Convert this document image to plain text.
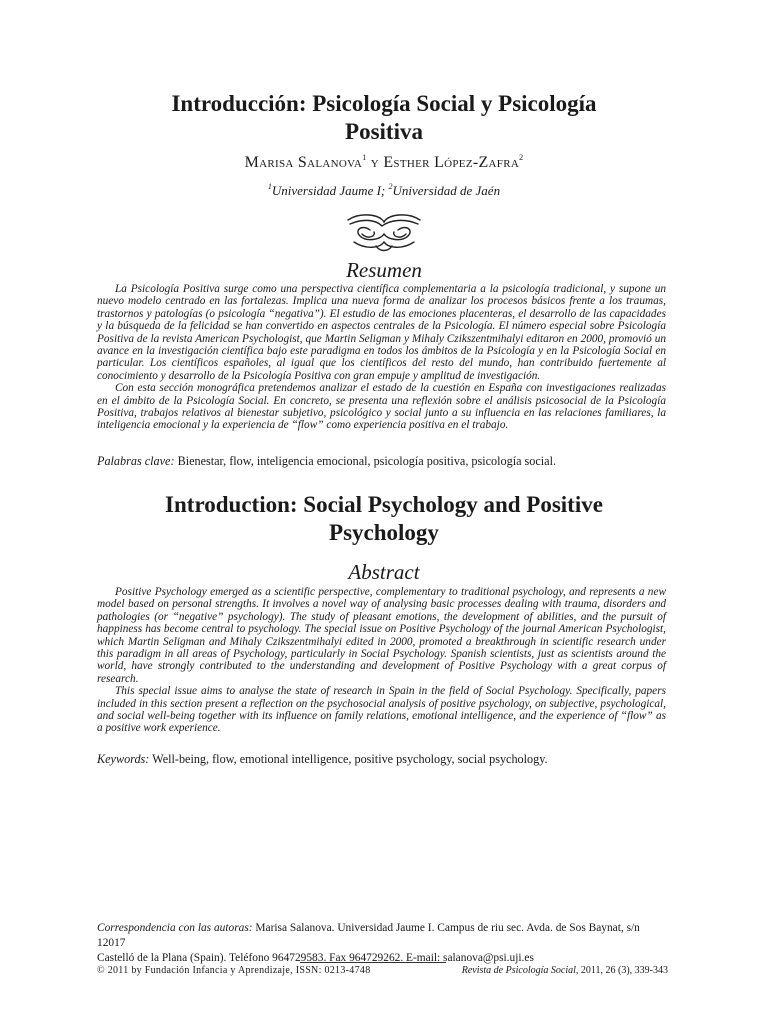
Introducción: Psicología Social y Psicología
Positiva
Marisa Salanova$^1$ y Esther López-Zafra$^2$
$^1$Universidad Jaume I; $^2$Universidad de Jaén
Resumen

La Psicología Positiva surge como una perspectiva científica complementaria a la psicología tradicional, y supone un nuevo modelo centrado en las fortalezas. Implica una nueva forma de analizar los procesos básicos frente a los traumas, trastornos y patologías (o psicología “negativa”). El estudio de las emociones placenteras, el desarrollo de las capacidades y la búsqueda de la felicidad se han convertido en aspectos centrales de la Psicología. El número especial sobre Psicología Positiva de la revista American Psychologist, que Martin Seligman y Mihaly Czikszentmihalyi editaron en 2000, promovió un avance en la investigación científica bajo este paradigma en todos los ámbitos de la Psicología y en la Psicología Social en particular. Los científicos españoles, al igual que los científicos del resto del mundo, han contribuido fuertemente al conocimiento y desarrollo de la Psicología Positiva con gran empuje y amplitud de investigación.

Con esta sección monográfica pretendemos analizar el estado de la cuestión en España con investigaciones realizadas en el ámbito de la Psicología Social. En concreto, se presenta una reflexión sobre el análisis psicosocial de la Psicología Positiva, trabajos relativos al bienestar subjetivo, psicológico y social junto a su influencia en las relaciones familiares, la inteligencia emocional y la experiencia de “flow” como experiencia positiva en el trabajo.

Palabras clave: Bienestar, flow, inteligencia emocional, psicología positiva, psicología social.
Introduction: Social Psychology and Positive
Psychology
Abstract

Positive Psychology emerged as a scientific perspective, complementary to traditional psychology, and represents a new model based on personal strengths. It involves a novel way of analysing basic processes dealing with trauma, disorders and pathologies (or “negative” psychology). The study of pleasant emotions, the development of abilities, and the pursuit of happiness has become central to psychology. The special issue on Positive Psychology of the journal American Psychologist, which Martin Seligman and Mihaly Czikszentmihalyi edited in 2000, promoted a breakthrough in scientific research under this paradigm in all areas of Psychology, particularly in Social Psychology. Spanish scientists, just as scientists around the world, have strongly contributed to the understanding and development of Positive Psychology with a great corpus of research.

This special issue aims to analyse the state of research in Spain in the field of Social Psychology. Specifically, papers included in this section present a reflection on the psychosocial analysis of positive psychology, on subjective, psychological, and social well-being together with its influence on family relations, emotional intelligence, and the experience of “flow” as a positive work experience.

Keywords: Well-being, flow, emotional intelligence, positive psychology, social psychology.
Correspondencia con las autoras: Marisa Salanova. Universidad Jaume I. Campus de riu sec. Avda. de Sos Baynat, s/n 12017
Castelló de la Plana (Spain). Teléfono 964729583. Fax 964729262. E-mail: salanova@psi.uji.es
© 2011 by Fundación Infancia y Aprendizaje, ISSN: 0213-4748	Revista de Psicología Social, 2011, 26 (3), 339-343
